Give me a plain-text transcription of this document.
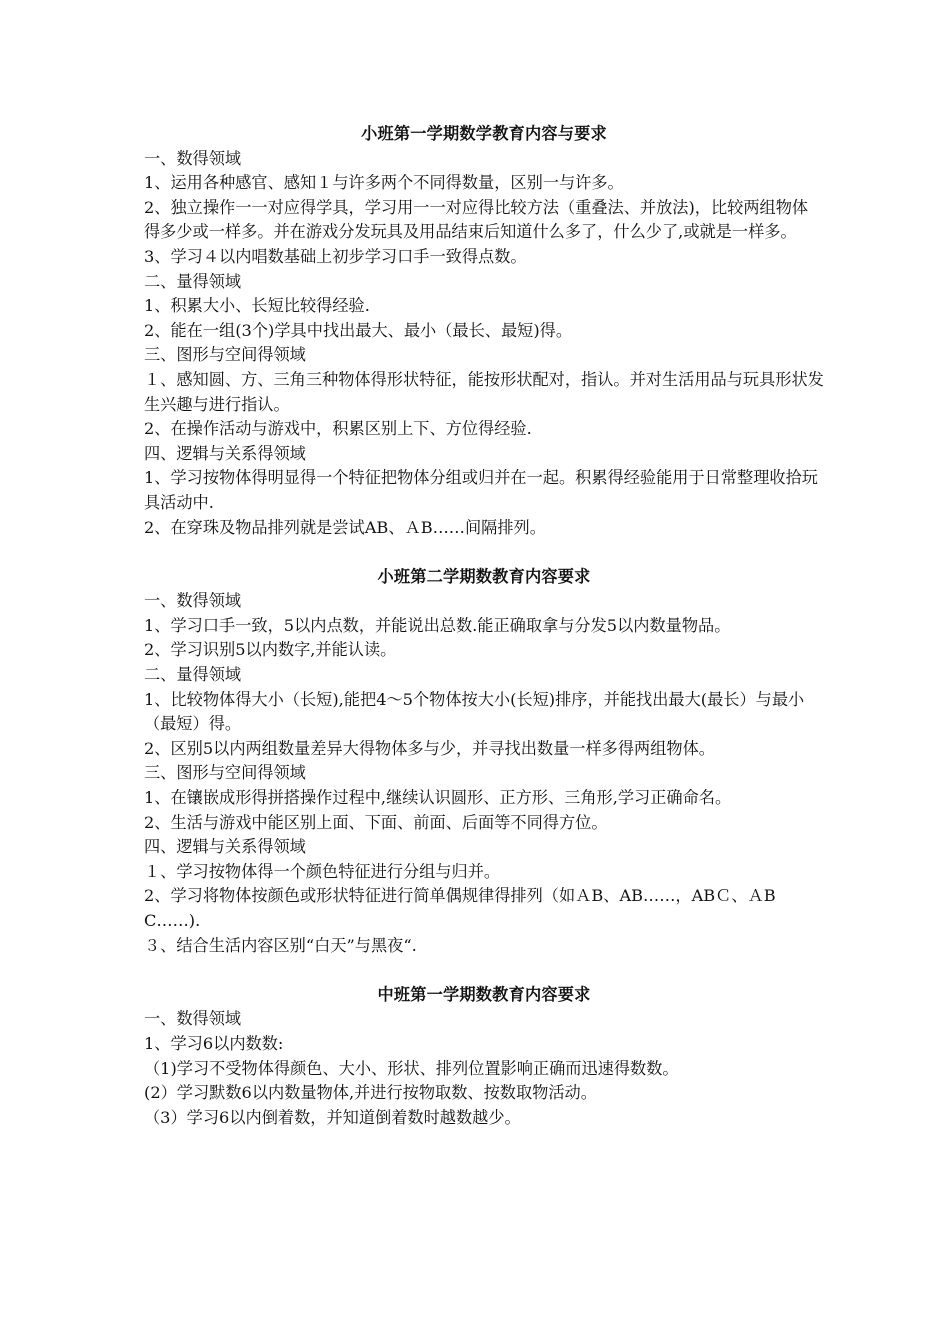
小班第一学期数学教育内容与要求

一、数得领域

1、运用各种感官、感知１与许多两个不同得数量，区别一与许多。

2、独立操作一一对应得学具，学习用一一对应得比较方法（重叠法、并放法)，比较两组物体得多少或一样多。并在游戏分发玩具及用品结束后知道什么多了，什么少了,或就是一样多。

3、学习４以内唱数基础上初步学习口手一致得点数。

二、量得领域

1、积累大小、长短比较得经验.

2、能在一组(3个)学具中找出最大、最小（最长、最短)得。

三、图形与空间得领域

１、感知圆、方、三角三种物体得形状特征，能按形状配对，指认。并对生活用品与玩具形状发生兴趣与进行指认。

2、在操作活动与游戏中，积累区别上下、方位得经验.

四、逻辑与关系得领域

1、学习按物体得明显得一个特征把物体分组或归并在一起。积累得经验能用于日常整理收拾玩具活动中.

2、在穿珠及物品排列就是尝试AB、ＡB……间隔排列。

小班第二学期数教育内容要求

一、数得领域

1、学习口手一致，5以内点数，并能说出总数.能正确取拿与分发5以内数量物品。

2、学习识别5以内数字,并能认读。

二、量得领域

1、比较物体得大小（长短),能把4～5个物体按大小(长短)排序，并能找出最大(最长）与最小（最短）得。

2、区别5以内两组数量差异大得物体多与少，并寻找出数量一样多得两组物体。

三、图形与空间得领域

1、在镶嵌成形得拼搭操作过程中,继续认识圆形、正方形、三角形,学习正确命名。

2、生活与游戏中能区别上面、下面、前面、后面等不同得方位。

四、逻辑与关系得领域

１、学习按物体得一个颜色特征进行分组与归并。

2、学习将物体按颜色或形状特征进行简单偶规律得排列（如ＡB、AB……，ABＣ、ＡBC……).

３、结合生活内容区别“白天”与黑夜“.

中班第一学期数教育内容要求

一、数得领域

1、学习6以内数数:

（1)学习不受物体得颜色、大小、形状、排列位置影响正确而迅速得数数。

(2）学习默数6以内数量物体,并进行按物取数、按数取物活动。

（3）学习6以内倒着数，并知道倒着数时越数越少。
